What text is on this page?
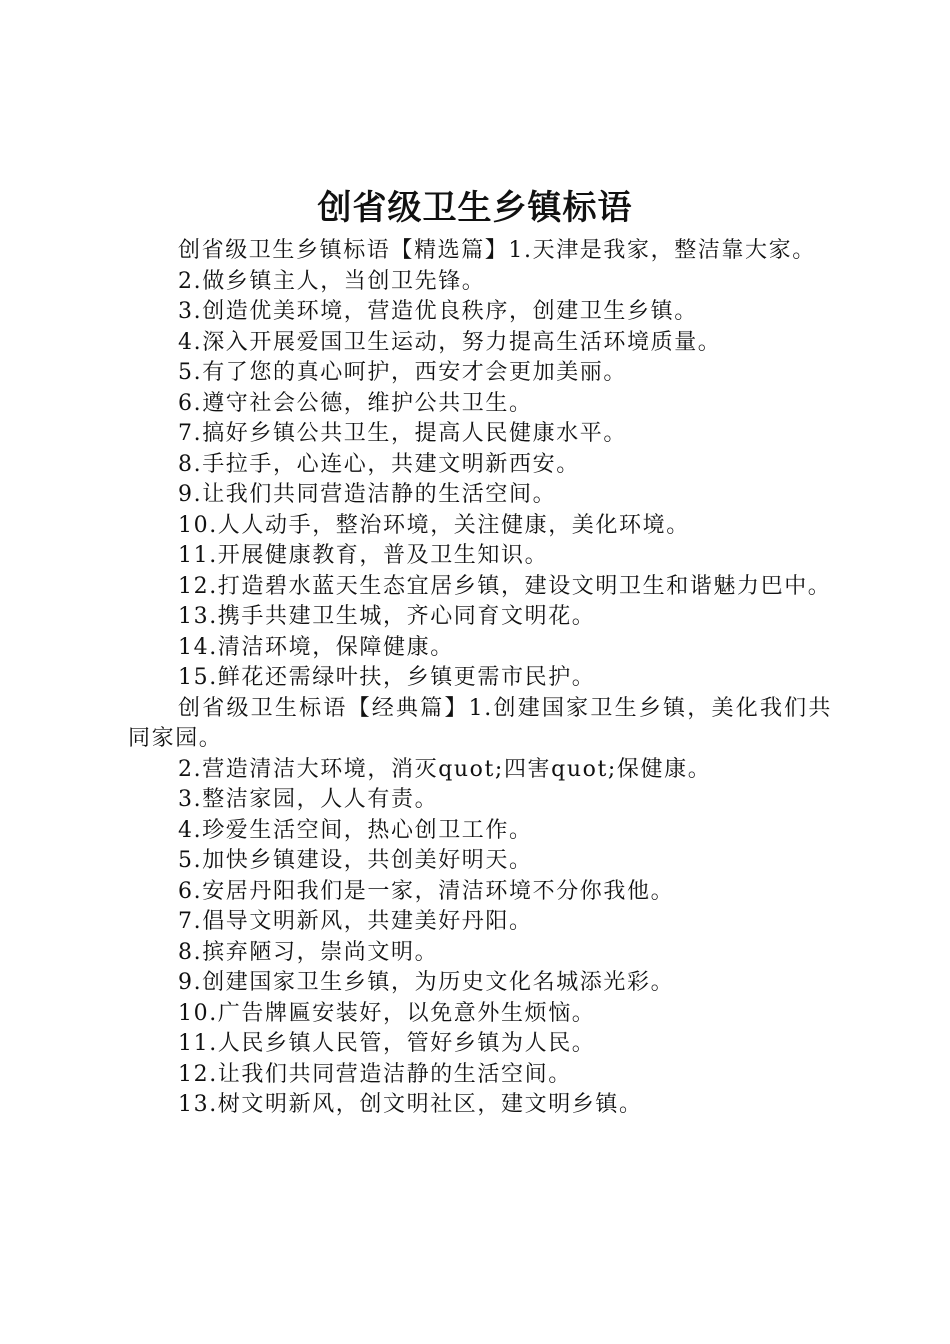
创省级卫生乡镇标语

创省级卫生乡镇标语【精选篇】1.天津是我家，整洁靠大家。

2.做乡镇主人，当创卫先锋。

3.创造优美环境，营造优良秩序，创建卫生乡镇。

4.深入开展爱国卫生运动，努力提高生活环境质量。

5.有了您的真心呵护，西安才会更加美丽。

6.遵守社会公德，维护公共卫生。

7.搞好乡镇公共卫生，提高人民健康水平。

8.手拉手，心连心，共建文明新西安。

9.让我们共同营造洁静的生活空间。

10.人人动手，整治环境，关注健康，美化环境。

11.开展健康教育，普及卫生知识。

12.打造碧水蓝天生态宜居乡镇，建设文明卫生和谐魅力巴中。

13.携手共建卫生城，齐心同育文明花。

14.清洁环境，保障健康。

15.鲜花还需绿叶扶，乡镇更需市民护。

创省级卫生标语【经典篇】1.创建国家卫生乡镇，美化我们共同家园。

2.营造清洁大环境，消灭quot;四害quot;保健康。

3.整洁家园，人人有责。

4.珍爱生活空间，热心创卫工作。

5.加快乡镇建设，共创美好明天。

6.安居丹阳我们是一家，清洁环境不分你我他。

7.倡导文明新风，共建美好丹阳。

8.摈弃陋习，崇尚文明。

9.创建国家卫生乡镇，为历史文化名城添光彩。

10.广告牌匾安装好，以免意外生烦恼。

11.人民乡镇人民管，管好乡镇为人民。

12.让我们共同营造洁静的生活空间。

13.树文明新风，创文明社区，建文明乡镇。
